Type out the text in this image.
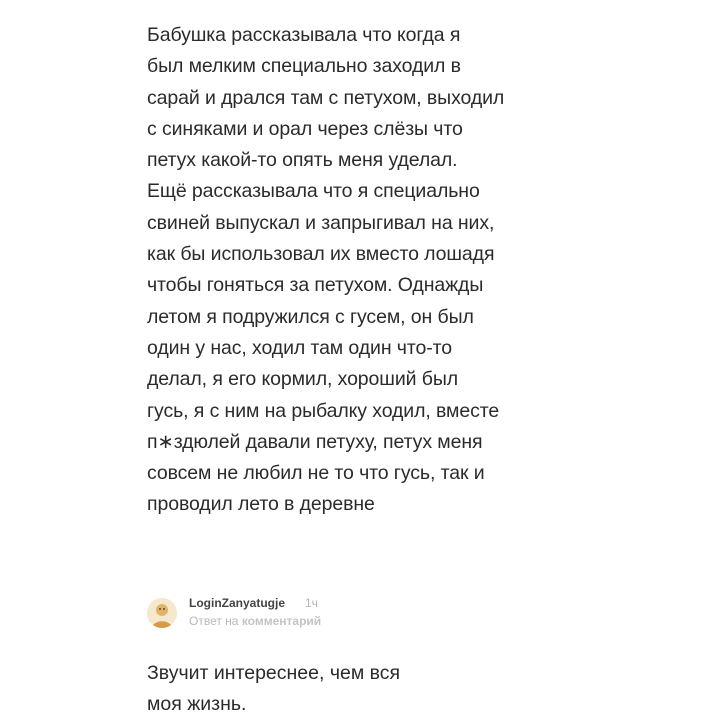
Бабушка рассказывала что когда я
был мелким специально заходил в
сарай и дрался там с петухом, выходил
с синяками и орал через слёзы что
петух какой-то опять меня уделал.
Ещё рассказывала что я специально
свиней выпускал и запрыгивал на них,
как бы использовал их вместо лошадя
чтобы гоняться за петухом. Однажды
летом я подружился с гусем, он был
один у нас, ходил там один что-то
делал, я его кормил, хороший был
гусь, я с ним на рыбалку ходил, вместе
п∗здюлей давали петуху, петух меня
совсем не любил не то что гусь, так и
проводил лето в деревне
LoginZanyatugje 1ч
Ответ на комментарий
Звучит интереснее, чем вся
моя жизнь.
